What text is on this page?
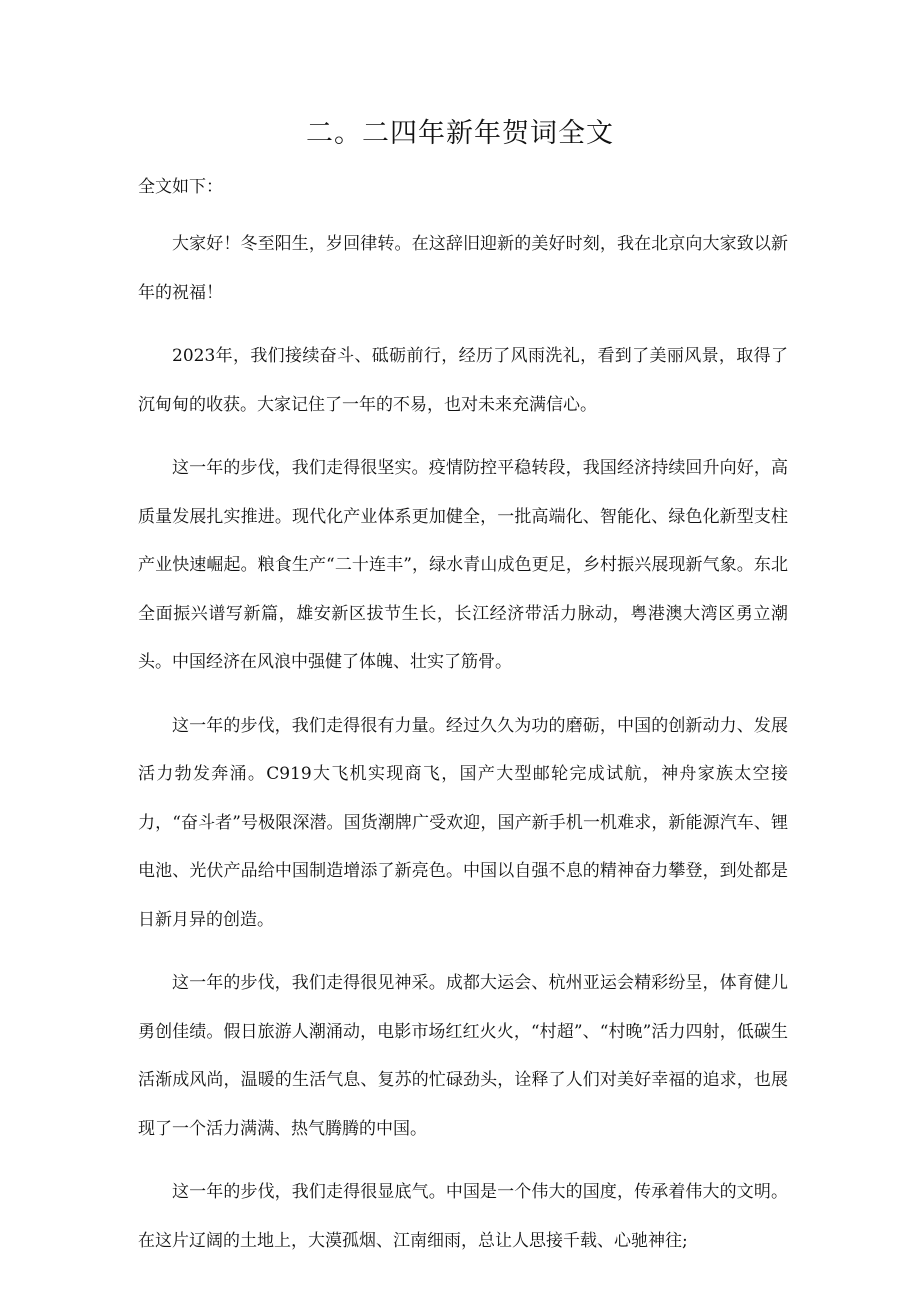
二。二四年新年贺词全文
全文如下：

大家好！冬至阳生，岁回律转。在这辞旧迎新的美好时刻，我在北京向大家致以新年的祝福！

2023年，我们接续奋斗、砥砺前行，经历了风雨洗礼，看到了美丽风景，取得了沉甸甸的收获。大家记住了一年的不易，也对未来充满信心。

这一年的步伐，我们走得很坚实。疫情防控平稳转段，我国经济持续回升向好，高质量发展扎实推进。现代化产业体系更加健全，一批高端化、智能化、绿色化新型支柱产业快速崛起。粮食生产“二十连丰”，绿水青山成色更足，乡村振兴展现新气象。东北全面振兴谱写新篇，雄安新区拔节生长，长江经济带活力脉动，粤港澳大湾区勇立潮头。中国经济在风浪中强健了体魄、壮实了筋骨。

这一年的步伐，我们走得很有力量。经过久久为功的磨砺，中国的创新动力、发展活力勃发奔涌。C919大飞机实现商飞，国产大型邮轮完成试航，神舟家族太空接力，“奋斗者”号极限深潜。国货潮牌广受欢迎，国产新手机一机难求，新能源汽车、锂电池、光伏产品给中国制造增添了新亮色。中国以自强不息的精神奋力攀登，到处都是日新月异的创造。

这一年的步伐，我们走得很见神采。成都大运会、杭州亚运会精彩纷呈，体育健儿勇创佳绩。假日旅游人潮涌动，电影市场红红火火，“村超”、“村晚”活力四射，低碳生活渐成风尚，温暖的生活气息、复苏的忙碌劲头，诠释了人们对美好幸福的追求，也展现了一个活力满满、热气腾腾的中国。

这一年的步伐，我们走得很显底气。中国是一个伟大的国度，传承着伟大的文明。在这片辽阔的土地上，大漠孤烟、江南细雨，总让人思接千载、心驰神往;
